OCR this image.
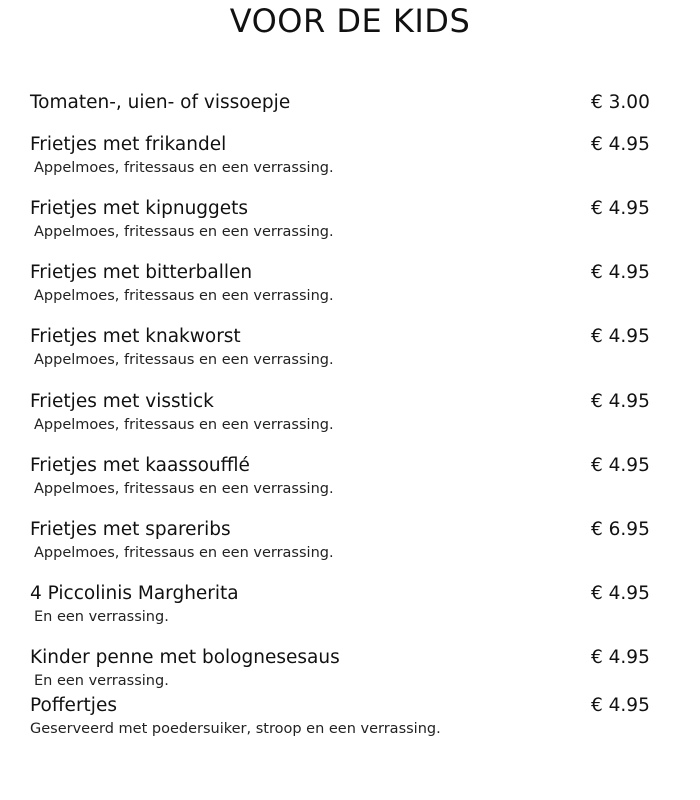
VOOR DE KIDS
Tomaten-, uien- of vissoepje	€ 3.00
Frietjes met frikandel	€ 4.95
Appelmoes, fritessaus en een verrassing.
Frietjes met kipnuggets	€ 4.95
Appelmoes, fritessaus en een verrassing.
Frietjes met bitterballen	€ 4.95
Appelmoes, fritessaus en een verrassing.
Frietjes met knakworst	€ 4.95
Appelmoes, fritessaus en een verrassing.
Frietjes met visstick	€ 4.95
Appelmoes, fritessaus en een verrassing.
Frietjes met kaassoufflé	€ 4.95
Appelmoes, fritessaus en een verrassing.
Frietjes met spareribs	€ 6.95
Appelmoes, fritessaus en een verrassing.
4 Piccolinis Margherita	€ 4.95
En een verrassing.
Kinder penne met bolognesesaus	€ 4.95
En een verrassing.
Poffertjes	€ 4.95
Geserveerd met poedersuiker, stroop en een verrassing.
